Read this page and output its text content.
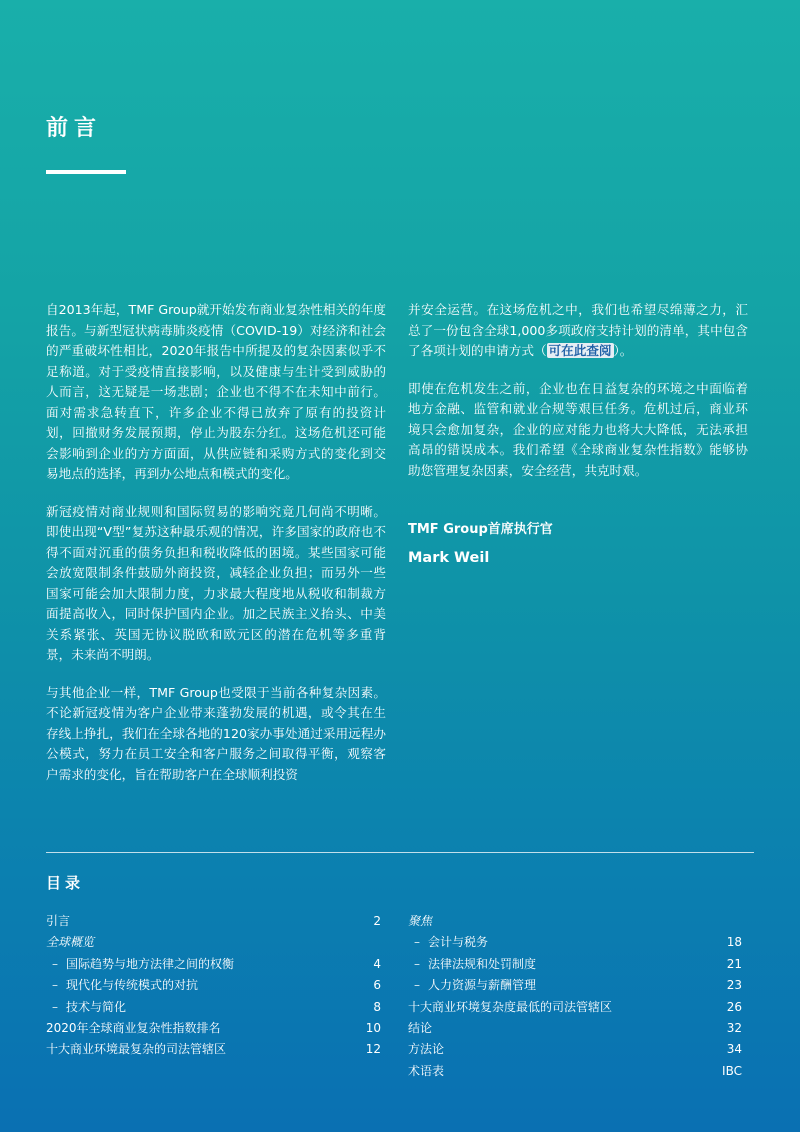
前言

自2013年起，TMF Group就开始发布商业复杂性相关的年度报告。与新型冠状病毒肺炎疫情（COVID-19）对经济和社会的严重破坏性相比，2020年报告中所提及的复杂因素似乎不足称道。对于受疫情直接影响，以及健康与生计受到威胁的人而言，这无疑是一场悲剧；企业也不得不在未知中前行。面对需求急转直下，许多企业不得已放弃了原有的投资计划，回撤财务发展预期，停止为股东分红。这场危机还可能会影响到企业的方方面面，从供应链和采购方式的变化到交易地点的选择，再到办公地点和模式的变化。

新冠疫情对商业规则和国际贸易的影响究竟几何尚不明晰。即使出现“V型”复苏这种最乐观的情况，许多国家的政府也不得不面对沉重的债务负担和税收降低的困境。某些国家可能会放宽限制条件鼓励外商投资，减轻企业负担；而另外一些国家可能会加大限制力度，力求最大程度地从税收和制裁方面提高收入，同时保护国内企业。加之民族主义抬头、中美关系紧张、英国无协议脱欧和欧元区的潜在危机等多重背景，未来尚不明朗。

与其他企业一样，TMF Group也受限于当前各种复杂因素。不论新冠疫情为客户企业带来蓬勃发展的机遇，或令其在生存线上挣扎，我们在全球各地的120家办事处通过采用远程办公模式，努力在员工安全和客户服务之间取得平衡，观察客户需求的变化，旨在帮助客户在全球顺利投资

并安全运营。在这场危机之中，我们也希望尽绵薄之力，汇总了一份包含全球1,000多项政府支持计划的清单，其中包含了各项计划的申请方式（ 可在此查阅 ）。

即使在危机发生之前，企业也在日益复杂的环境之中面临着地方金融、监管和就业合规等艰巨任务。危机过后，商业环境只会愈加复杂，企业的应对能力也将大大降低，无法承担高昂的错误成本。我们希望《全球商业复杂性指数》能够协助您管理复杂因素，安全经营，共克时艰。

TMF Group首席执行官
Mark Weil
目录
引言	2
全球概览
– 国际趋势与地方法律之间的权衡	4
– 现代化与传统模式的对抗	6
– 技术与简化	8
2020年全球商业复杂性指数排名	10
十大商业环境最复杂的司法管辖区	12
聚焦
– 会计与税务	18
– 法律法规和处罚制度	21
– 人力资源与薪酬管理	23
十大商业环境复杂度最低的司法管辖区	26
结论	32
方法论	34
术语表	IBC
